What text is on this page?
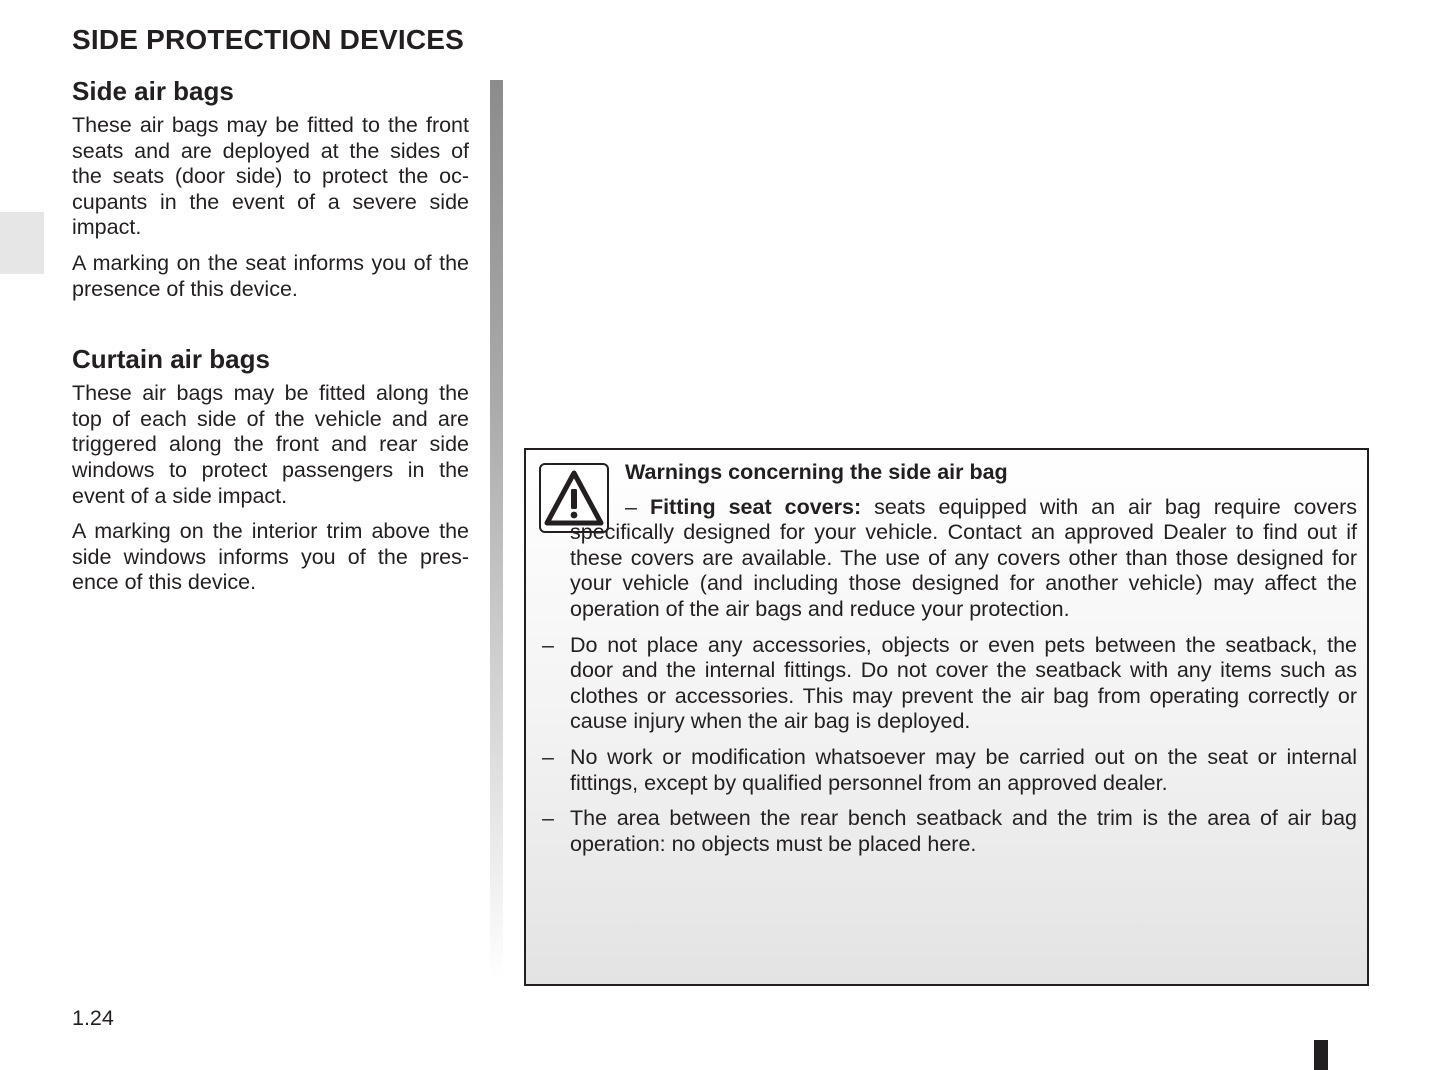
SIDE PROTECTION DEVICES
Side air bags

These air bags may be fitted to the front seats and are deployed at the sides of the seats (door side) to protect the oc-cupants in the event of a severe side impact.

A marking on the seat informs you of the presence of this device.

Curtain air bags

These air bags may be fitted along the top of each side of the vehicle and are triggered along the front and rear side windows to protect passengers in the event of a side impact.

A marking on the interior trim above the side windows informs you of the pres-ence of this device.

Warnings concerning the side air bag

– Fitting seat covers: seats equipped with an air bag require covers specifically designed for your vehicle. Contact an approved Dealer to find out if these covers are available. The use of any covers other than those designed for your vehicle (and including those designed for another vehicle) may affect the operation of the air bags and reduce your protection.

– Do not place any accessories, objects or even pets between the seatback, the door and the internal fittings. Do not cover the seatback with any items such as clothes or accessories. This may prevent the air bag from operating correctly or cause injury when the air bag is deployed.
– No work or modification whatsoever may be carried out on the seat or internal fittings, except by qualified personnel from an approved dealer.
– The area between the rear bench seatback and the trim is the area of air bag operation: no objects must be placed here.
1.24
